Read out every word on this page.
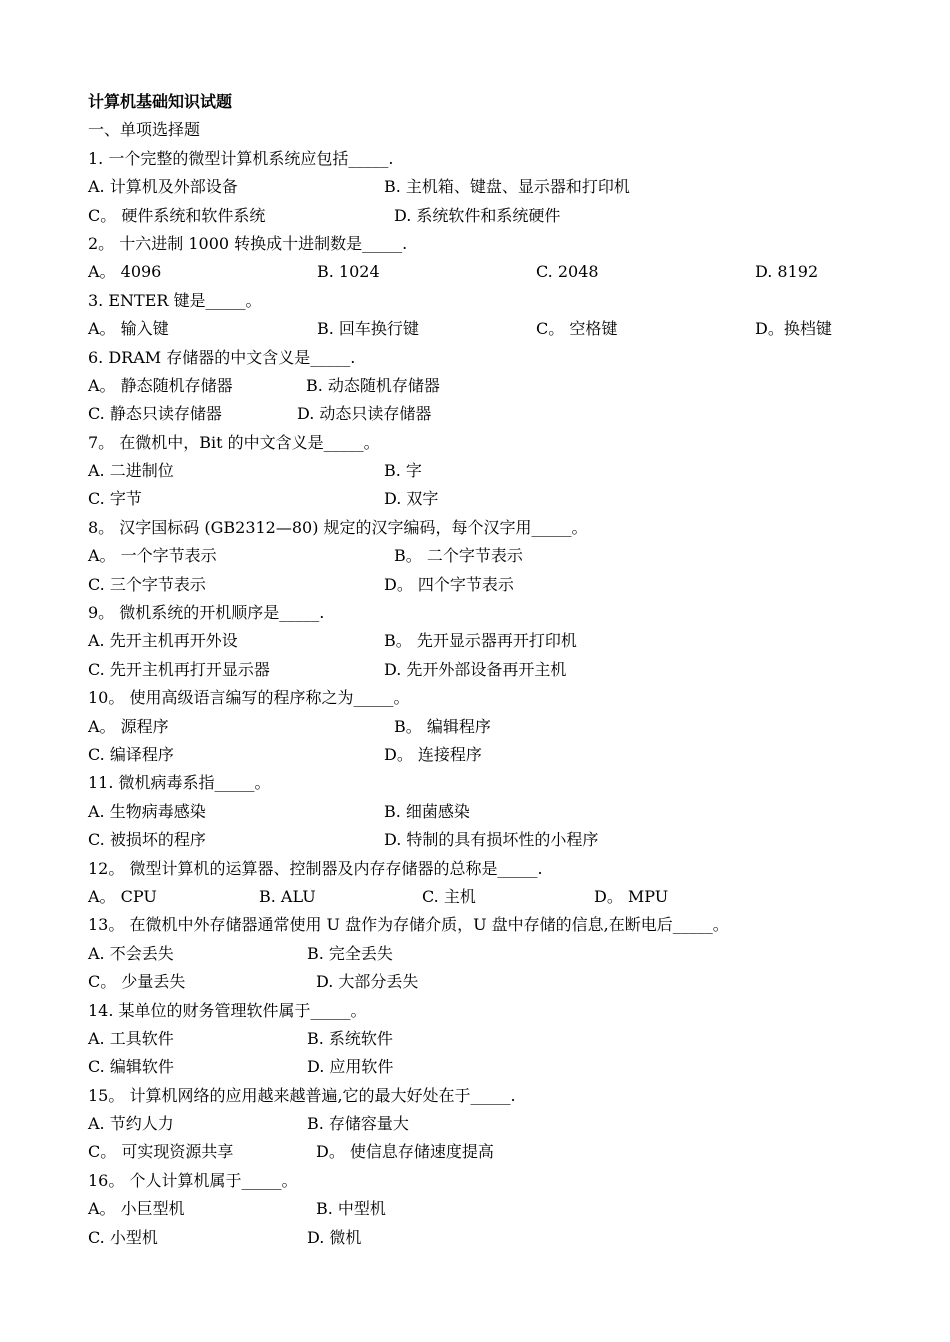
计算机基础知识试题
一、单项选择题
1. 一个完整的微型计算机系统应包括_____.
A. 计算机及外部设备	B. 主机箱、键盘、显示器和打印机
C。 硬件系统和软件系统	D. 系统软件和系统硬件
2。 十六进制 1000 转换成十进制数是_____.
A。 4096	B. 1024	C. 2048	D. 8192
3. ENTER 键是_____。
A。 输入键	B. 回车换行键	C。 空格键	D。换档键
6. DRAM 存储器的中文含义是_____.
A。 静态随机存储器	B. 动态随机存储器
C. 静态只读存储器	D. 动态只读存储器
7。 在微机中，Bit 的中文含义是_____。
A. 二进制位	B. 字
C. 字节	D. 双字
8。 汉字国标码 (GB2312—80) 规定的汉字编码，每个汉字用_____。
A。 一个字节表示	B。 二个字节表示
C. 三个字节表示	D。 四个字节表示
9。 微机系统的开机顺序是_____.
A. 先开主机再开外设	B。 先开显示器再开打印机
C. 先开主机再打开显示器	D. 先开外部设备再开主机
10。 使用高级语言编写的程序称之为_____。
A。 源程序	B。 编辑程序
C. 编译程序	D。 连接程序
11. 微机病毒系指_____。
A. 生物病毒感染	B. 细菌感染
C. 被损坏的程序	D. 特制的具有损坏性的小程序
12。 微型计算机的运算器、控制器及内存存储器的总称是_____.
A。 CPU	B. ALU	C. 主机	D。 MPU
13。 在微机中外存储器通常使用 U 盘作为存储介质，U 盘中存储的信息,在断电后_____。
A. 不会丢失	B. 完全丢失
C。 少量丢失	D. 大部分丢失
14. 某单位的财务管理软件属于_____。
A. 工具软件	B. 系统软件
C. 编辑软件	D. 应用软件
15。 计算机网络的应用越来越普遍,它的最大好处在于_____.
A. 节约人力	B. 存储容量大
C。 可实现资源共享	D。 使信息存储速度提高
16。 个人计算机属于_____。
A。 小巨型机	B. 中型机
C. 小型机	D. 微机
